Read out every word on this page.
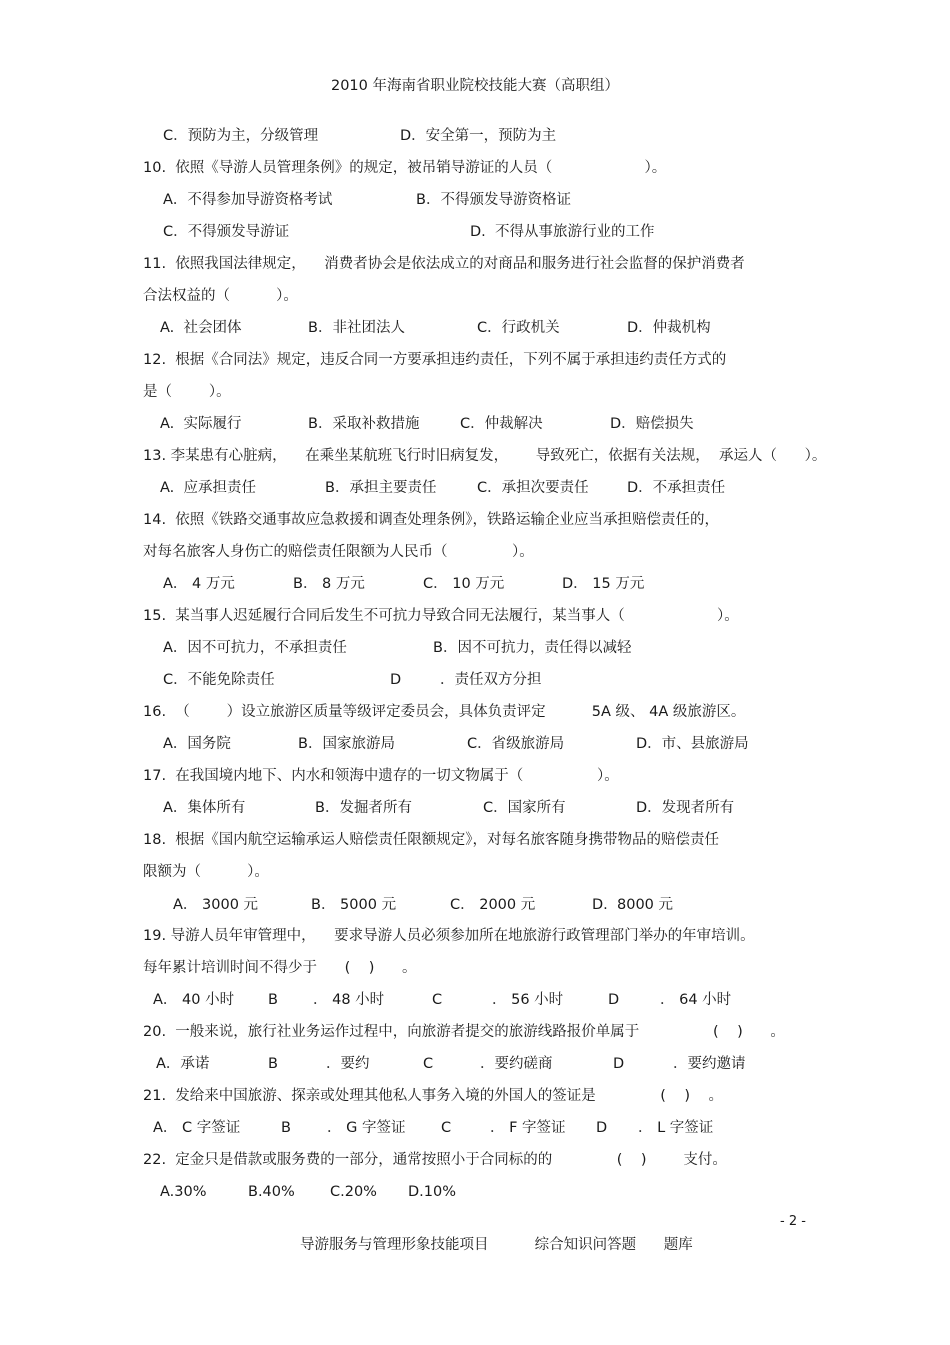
2010 年海南省职业院校技能大赛（高职组）
C．预防为主，分级管理	D．安全第一，预防为主
10.  依照《导游人员管理条例》的规定，被吊销导游证的人员（                    ）。
A．不得参加导游资格考试	B．不得颁发导游资格证
C．不得颁发导游证	D.  不得从事旅游行业的工作
11.  依照我国法律规定，    消费者协会是依法成立的对商品和服务进行社会监督的保护消费者
合法权益的（          ）。
A.  社会团体	B．非社团法人	C．行政机关	D．仲裁机构
12.  根据《合同法》规定，违反合同一方要承担违约责任，下列不属于承担违约责任方式的
是（        ）。
A.  实际履行	B．采取补救措施	C．仲裁解决	D．赔偿损失
13. 李某患有心脏病，    在乘坐某航班飞行时旧病复发，      导致死亡，依据有关法规，  承运人（      ）。
A.  应承担责任	B．承担主要责任	C．承担次要责任	D．不承担责任
14.  依照《铁路交通事故应急救援和调查处理条例》，铁路运输企业应当承担赔偿责任的，
对每名旅客人身伤亡的赔偿责任限额为人民币（              ）。
A． 4 万元	B． 8 万元	C． 10 万元	D． 15 万元
15.  某当事人迟延履行合同后发生不可抗力导致合同无法履行，某当事人（                    ）。
A．因不可抗力，不承担责任	B．因不可抗力，责任得以减轻
C．不能免除责任	D	．责任双方分担
16.  （        ）设立旅游区质量等级评定委员会，具体负责评定          5A 级、 4A 级旅游区。
A．国务院	B．国家旅游局	C．省级旅游局	D．市、县旅游局
17.  在我国境内地下、内水和领海中遗存的一切文物属于（                ）。
A．集体所有	B．发掘者所有	C．国家所有	D．发现者所有
18.  根据《国内航空运输承运人赔偿责任限额规定》，对每名旅客随身携带物品的赔偿责任
限额为（          ）。
A． 3000 元	B． 5000 元	C． 2000 元	D.  8000 元
19. 导游人员年审管理中，    要求导游人员必须参加所在地旅游行政管理部门举办的年审培训。
每年累计培训时间不得少于      (    )      。
A． 40 小时 B ． 48 小时	C	． 56 小时	D	． 64 小时
20.  一般来说，旅行社业务运作过程中，向旅游者提交的旅游线路报价单属于                (    )      。
A．承诺	B	．要约	C	．要约磋商	D	．要约邀请
21.  发给来中国旅游、探亲或处理其他私人事务入境的外国人的签证是              (    )    。
A． C 字签证	B ． G 字签证 C	． F 字签证 D ． L 字签证
22.  定金只是借款或服务费的一部分，通常按照小于合同标的的              (    )        支付。
A.30%	B.40% C.20% D.10%
- 2 -
导游服务与管理形象技能项目          综合知识问答题      题库
